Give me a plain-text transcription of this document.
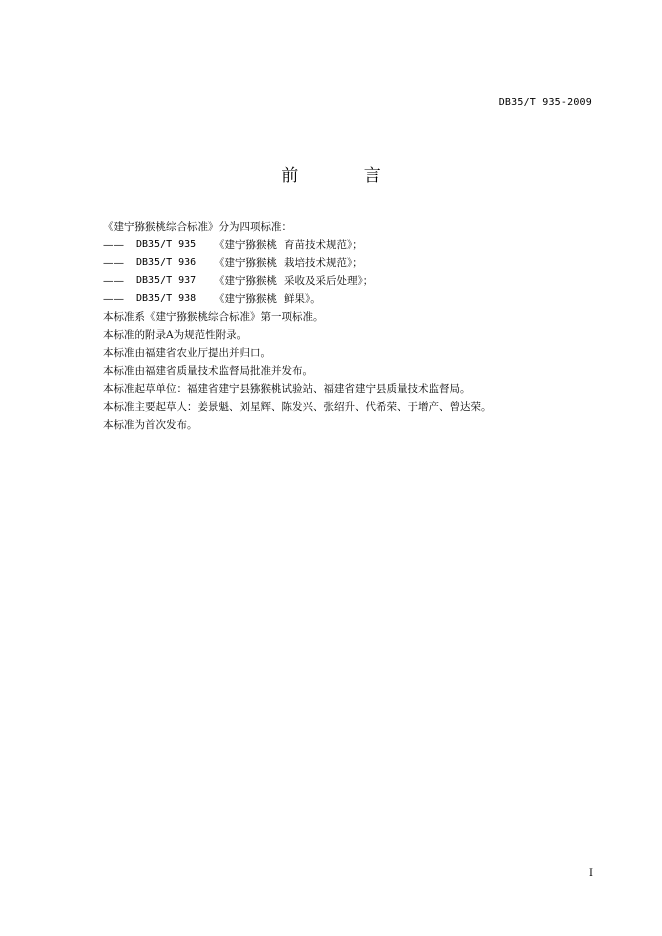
DB35/T 935-2009
前 言
《建宁猕猴桃综合标准》分为四项标准：
——	DB35/T 935	《建宁猕猴桃 育苗技术规范》；
——	DB35/T 936	《建宁猕猴桃 栽培技术规范》；
——	DB35/T 937	《建宁猕猴桃 采收及采后处理》；
——	DB35/T 938	《建宁猕猴桃 鲜果》。
本标准系《建宁猕猴桃综合标准》第一项标准。
本标准的附录A为规范性附录。
本标准由福建省农业厅提出并归口。
本标准由福建省质量技术监督局批准并发布。
本标准起草单位：福建省建宁县猕猴桃试验站、福建省建宁县质量技术监督局。
本标准主要起草人：姜景魁、刘星辉、陈发兴、张绍升、代希荣、于增产、曾达荣。
本标准为首次发布。
I
